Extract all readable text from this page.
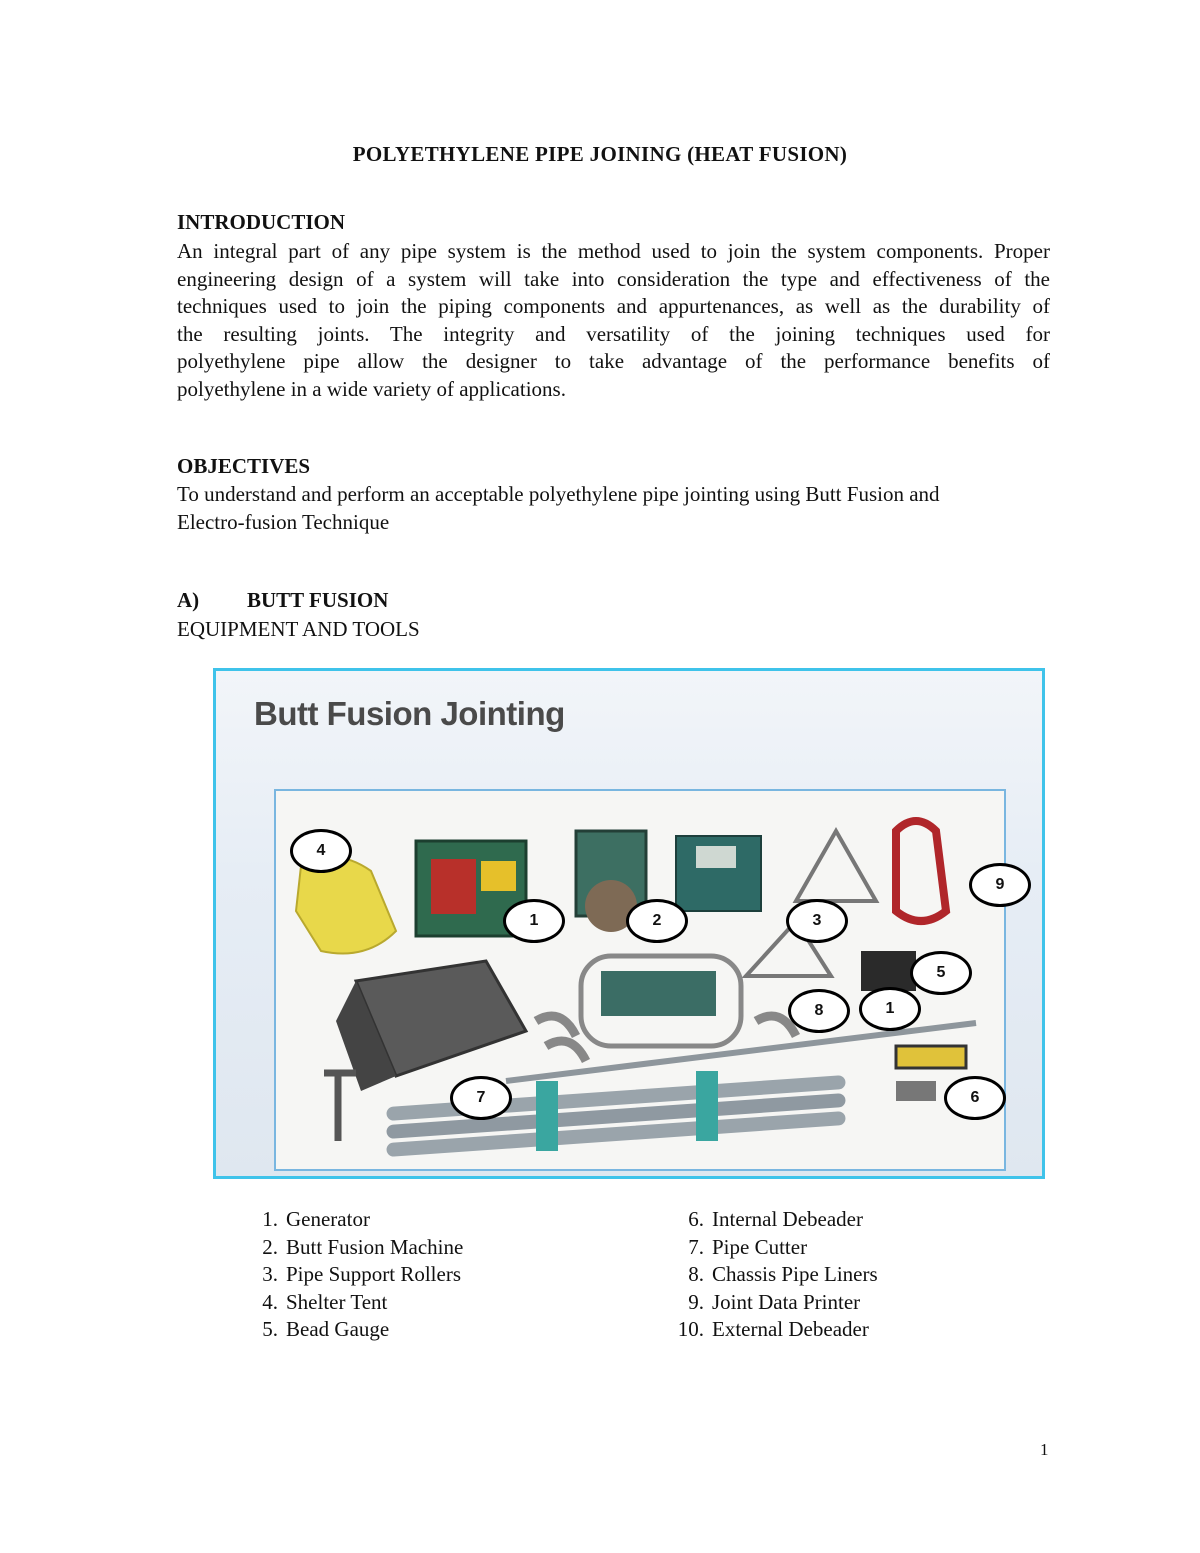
POLYETHYLENE PIPE JOINING (HEAT FUSION)
INTRODUCTION
An integral part of any pipe system is the method used to join the system components. Proper
engineering design of a system will take into consideration the type and effectiveness of the
techniques used to join the piping components and appurtenances, as well as the durability of
the resulting joints. The integrity and versatility of the joining techniques used for
polyethylene pipe allow the designer to take advantage of the performance benefits of
polyethylene in a wide variety of applications.
OBJECTIVES
To understand and perform an acceptable polyethylene pipe jointing using Butt Fusion and
Electro-fusion Technique
A) BUTT FUSION
EQUIPMENT AND TOOLS
Butt Fusion Jointing
4
1	2	3
9
5
8	1
7	6
1. Generator
2. Butt Fusion Machine
3. Pipe Support Rollers
4. Shelter Tent
5. Bead Gauge
6. Internal Debeader
7. Pipe Cutter
8. Chassis Pipe Liners
9. Joint Data Printer
10. External Debeader
1
